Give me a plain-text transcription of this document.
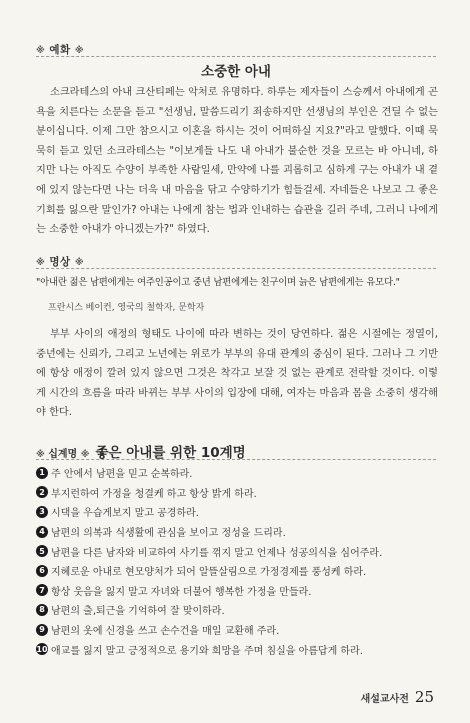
※ 예화 ※
소중한 아내
소크라테스의 아내 크산티페는 악처로 유명하다. 하루는 제자들이 스승께서 아내에게 곤욕을 치른다는 소문을 듣고 "선생님, 말씀드리기 죄송하지만 선생님의 부인은 견딜 수 없는 분이십니다. 이제 그만 참으시고 이혼을 하시는 것이 어떠하실 지요?"라고 말했다. 이때 묵묵히 듣고 있던 소크라테스는 "이보게들 나도 내 아내가 불순한 것을 모르는 바 아니네, 하지만 나는 아직도 수양이 부족한 사람일세, 만약에 나를 괴롭히고 심하게 구는 아내가 내 곁에 있지 않는다면 나는 더욱 내 마음을 닦고 수양하기가 힘들걸세. 자네들은 나보고 그 좋은 기회를 잃으란 말인가? 아내는 나에게 참는 법과 인내하는 습관을 길러 주네, 그러니 나에게는 소중한 아내가 아니겠는가?" 하였다.
※ 명상 ※
"아내란 젊은 남편에게는 여주인공이고 중년 남편에게는 친구이며 늙은 남편에게는 유모다."
프란시스 베이컨, 영국의 철학자, 문학자
부부 사이의 애정의 형태도 나이에 따라 변하는 것이 당연하다. 젊은 시절에는 정열이, 중년에는 신뢰가, 그리고 노년에는 위로가 부부의 유대 관계의 중심이 된다. 그러나 그 기반에 항상 애정이 깔려 있지 않으면 그것은 착각고 보잘 것 없는 관계로 전락할 것이다. 이렇게 시간의 흐름을 따라 바뀌는 부부 사이의 입장에 대해, 여자는 마음과 몸을 소중히 생각해야 한다.
※ 십계명 ※ 좋은 아내를 위한 10계명
1 주 안에서 남편을 믿고 순복하라.
2 부지런하여 가정을 청결케 하고 항상 밝게 하라.
3 시댁을 우습게보지 말고 공경하라.
4 남편의 의복과 식생활에 관심을 보이고 정성을 드리라.
5 남편을 다른 남자와 비교하여 사기를 꺾지 말고 언제나 성공의식을 심어주라.
6 지혜로운 아내로 현모양처가 되어 알뜰살림으로 가정경제를 풍성케 하라.
7 항상 웃음을 잃지 말고 자녀와 더불어 행복한 가정을 만들라.
8 남편의 출,퇴근을 기억하여 잘 맞이하라.
9 남편의 옷에 신경을 쓰고 손수건을 매일 교환해 주라.
10 애교를 잃지 말고 긍정적으로 용기와 희망을 주며 침실을 아름답게 하라.
새설교사전 25
